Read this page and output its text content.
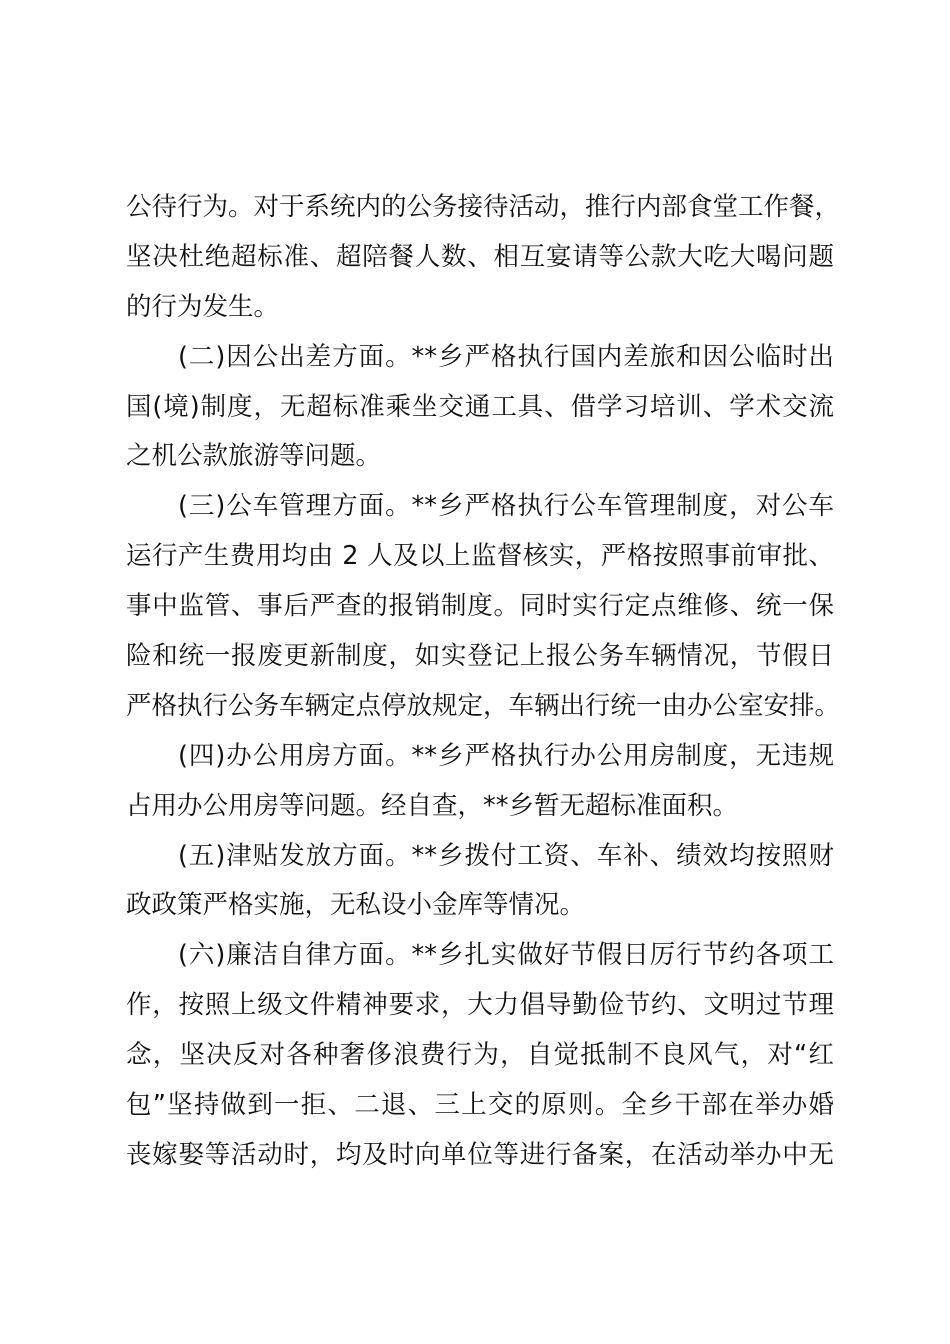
公待行为。对于系统内的公务接待活动，推行内部食堂工作餐，
坚决杜绝超标准、超陪餐人数、相互宴请等公款大吃大喝问题
的行为发生。
(二)因公出差方面。**乡严格执行国内差旅和因公临时出
国(境)制度，无超标准乘坐交通工具、借学习培训、学术交流
之机公款旅游等问题。
(三)公车管理方面。**乡严格执行公车管理制度，对公车
运行产生费用均由 2 人及以上监督核实，严格按照事前审批、
事中监管、事后严查的报销制度。同时实行定点维修、统一保
险和统一报废更新制度，如实登记上报公务车辆情况，节假日
严格执行公务车辆定点停放规定，车辆出行统一由办公室安排。
(四)办公用房方面。**乡严格执行办公用房制度，无违规
占用办公用房等问题。经自查，**乡暂无超标准面积。
(五)津贴发放方面。**乡拨付工资、车补、绩效均按照财
政政策严格实施，无私设小金库等情况。
(六)廉洁自律方面。**乡扎实做好节假日厉行节约各项工
作，按照上级文件精神要求，大力倡导勤俭节约、文明过节理
念，坚决反对各种奢侈浪费行为，自觉抵制不良风气，对“红
包”坚持做到一拒、二退、三上交的原则。全乡干部在举办婚
丧嫁娶等活动时，均及时向单位等进行备案，在活动举办中无
